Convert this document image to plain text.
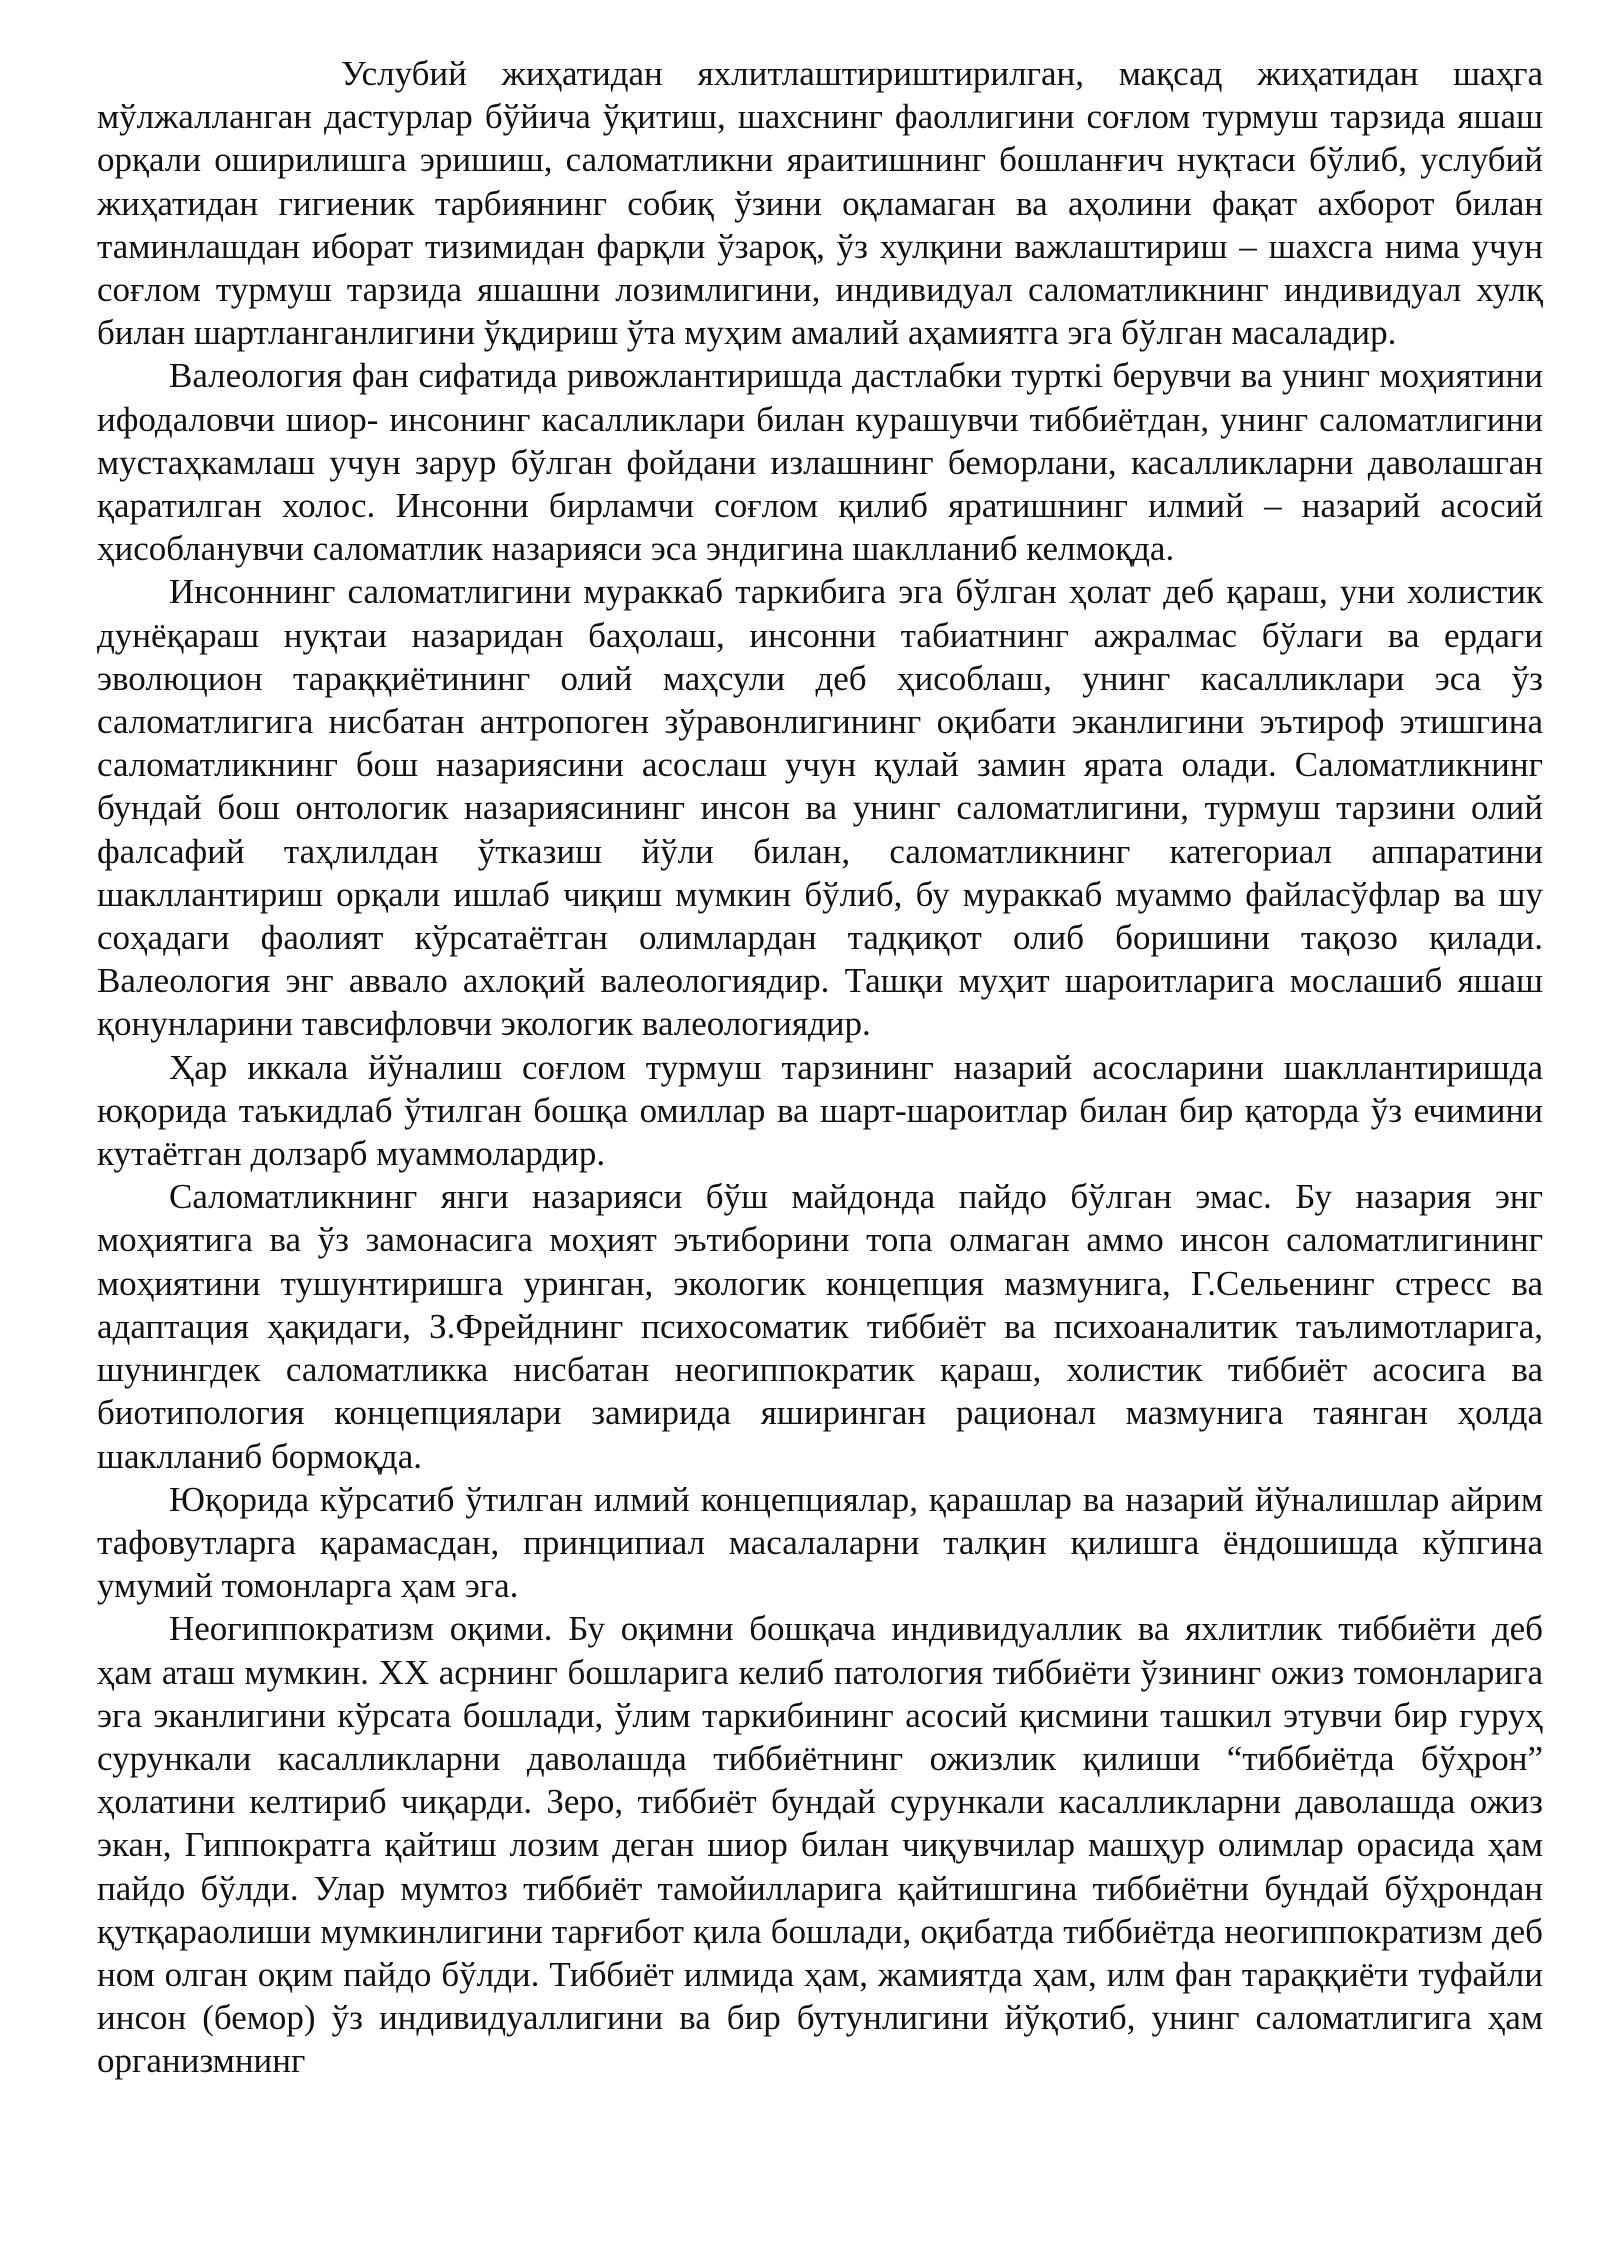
Услубий жиҳатидан яхлитлаштириштирилган, мақсад жиҳатидан шаҳга мўлжалланган дастурлар бўйича ўқитиш, шахснинг фаоллигини соғлом турмуш тарзида яшаш орқали оширилишга эришиш, саломатликни яраитишнинг бошланғич нуқтаси бўлиб, услубий жиҳатидан гигиеник тарбиянинг собиқ ўзини оқламаган ва аҳолини фақат ахборот билан таминлашдан иборат тизимидан фарқли ўзароқ, ўз хулқини важлаштириш – шахсга нима учун соғлом турмуш тарзида яшашни лозимлигини, индивидуал саломатликнинг индивидуал хулқ билан шартланганлигини ўқдириш ўта муҳим амалий аҳамиятга эга бўлган масаладир.

Валеология фан сифатида ривожлантиришда дастлабки турткi берувчи ва унинг моҳиятини ифодаловчи шиор- инсонинг касалликлари билан курашувчи тиббиётдан, унинг саломатлигини мустаҳкамлаш учун зарур бўлган фойдани излашнинг беморлани, касалликларни даволашган қаратилган холос. Инсонни бирламчи соғлом қилиб яратишнинг илмий – назарий асосий ҳисобланувчи саломатлик назарияси эса эндигина шаклланиб келмоқда.

Инсоннинг саломатлигини мураккаб таркибига эга бўлган ҳолат деб қараш, уни холистик дунёқараш нуқтаи назаридан баҳолаш, инсонни табиатнинг ажралмас бўлаги ва ердаги эволюцион тараққиётининг олий маҳсули деб ҳисоблаш, унинг касалликлари эса ўз саломатлигига нисбатан антропоген зўравонлигининг оқибати эканлигини эътироф этишгина саломатликнинг бош назариясини асослаш учун қулай замин ярата олади. Саломатликнинг бундай бош онтологик назариясининг инсон ва унинг саломатлигини, турмуш тарзини олий фалсафий таҳлилдан ўтказиш йўли билан, саломатликнинг категориал аппаратини шакллантириш орқали ишлаб чиқиш мумкин бўлиб, бу мураккаб муаммо файласўфлар ва шу соҳадаги фаолият кўрсатаётган олимлардан тадқиқот олиб боришини тақозо қилади. Валеология энг аввало ахлоқий валеологиядир. Ташқи муҳит шароитларига мослашиб яшаш қонунларини тавсифловчи экологик валеологиядир.

Ҳар иккала йўналиш соғлом турмуш тарзининг назарий асосларини шакллантиришда юқорида таъкидлаб ўтилган бошқа омиллар ва шарт-шароитлар билан бир қаторда ўз ечимини кутаётган долзарб муаммолардир.

Саломатликнинг янги назарияси бўш майдонда пайдо бўлган эмас. Бу назария энг моҳиятига ва ўз замонасига моҳият эътиборини топа олмаган аммо инсон саломатлигининг моҳиятини тушунтиришга уринган, экологик концепция мазмунига, Г.Сельенинг стресс ва адаптация ҳақидаги, З.Фрейднинг психосоматик тиббиёт ва психоаналитик таълимотларига, шунингдек саломатликка нисбатан неогиппократик қараш, холистик тиббиёт асосига ва биотипология концепциялари замирида яширинган рационал мазмунига таянган ҳолда шаклланиб бормоқда.

Юқорида кўрсатиб ўтилган илмий концепциялар, қарашлар ва назарий йўналишлар айрим тафовутларга қарамасдан, принципиал масалаларни талқин қилишга ёндошишда кўпгина умумий томонларга ҳам эга.

Неогиппократизм оқими. Бу оқимни бошқача индивидуаллик ва яхлитлик тиббиёти деб ҳам аташ мумкин. ХХ асрнинг бошларига келиб патология тиббиёти ўзининг ожиз томонларига эга эканлигини кўрсата бошлади, ўлим таркибининг асосий қисмини ташкил этувчи бир гуруҳ сурункали касалликларни даволашда тиббиётнинг ожизлик қилиши “тиббиётда бўҳрон” ҳолатини келтириб чиқарди. Зеро, тиббиёт бундай сурункали касалликларни даволашда ожиз экан, Гиппократга қайтиш лозим деган шиор билан чиқувчилар машҳур олимлар орасида ҳам пайдо бўлди. Улар мумтоз тиббиёт тамойилларига қайтишгина тиббиётни бундай бўҳрондан қутқараолиши мумкинлигини тарғибот қила бошлади, оқибатда тиббиётда неогиппократизм деб ном олган оқим пайдо бўлди. Тиббиёт илмида ҳам, жамиятда ҳам, илм фан тараққиёти туфайли инсон (бемор) ўз индивидуаллигини ва бир бутунлигини йўқотиб, унинг саломатлигига ҳам организмнинг
